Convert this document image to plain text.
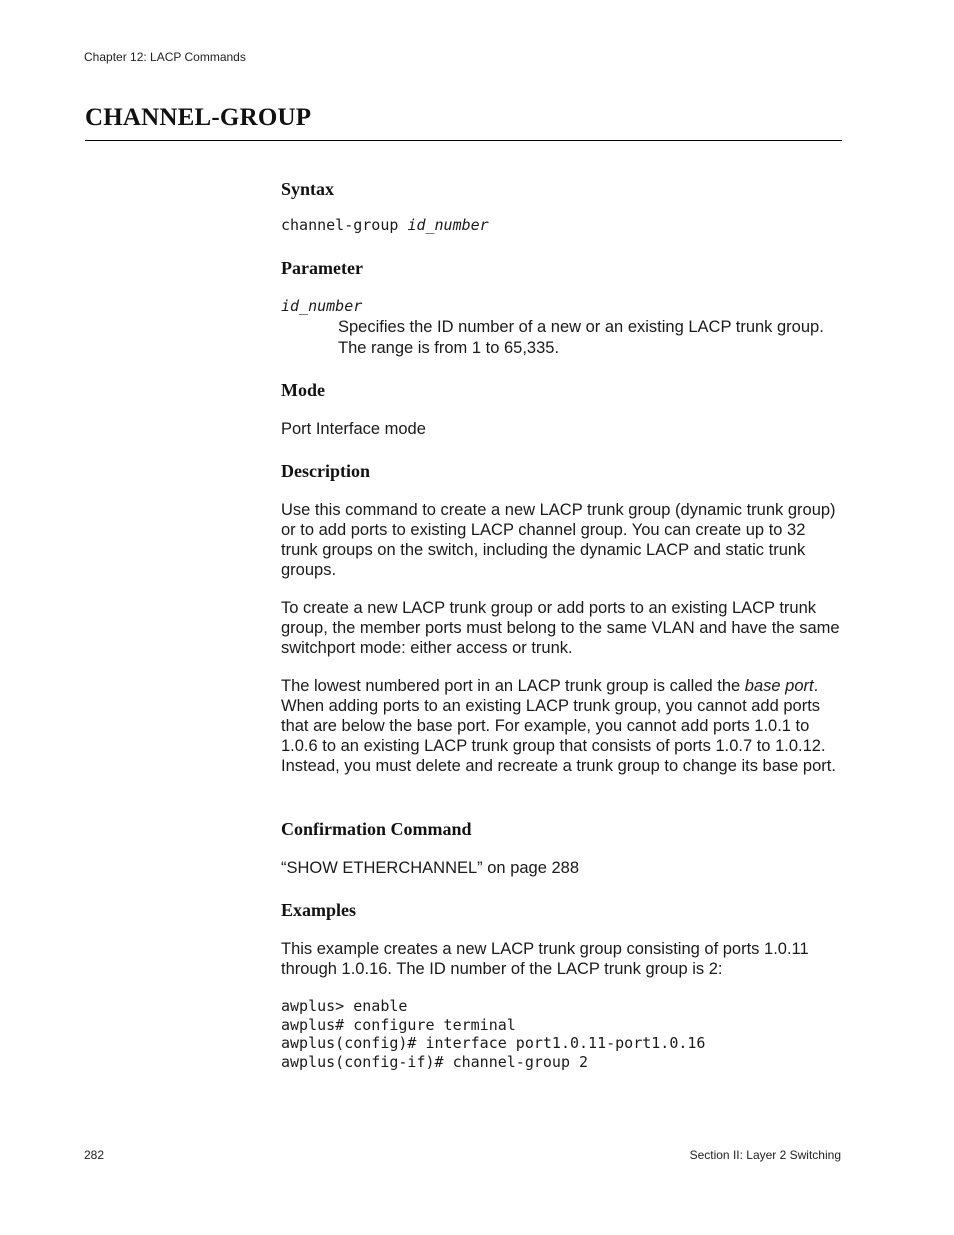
Chapter 12: LACP Commands
CHANNEL-GROUP
Syntax
channel-group id_number
Parameter
id_number

Specifies the ID number of a new or an existing LACP trunk group.
The range is from 1 to 65,335.

Mode

Port Interface mode

Description

Use this command to create a new LACP trunk group (dynamic trunk group) or to add ports to existing LACP channel group. You can create up to 32 trunk groups on the switch, including the dynamic LACP and static trunk groups.

To create a new LACP trunk group or add ports to an existing LACP trunk group, the member ports must belong to the same VLAN and have the same switchport mode: either access or trunk.

The lowest numbered port in an LACP trunk group is called the base port. When adding ports to an existing LACP trunk group, you cannot add ports that are below the base port. For example, you cannot add ports 1.0.1 to 1.0.6 to an existing LACP trunk group that consists of ports 1.0.7 to 1.0.12. Instead, you must delete and recreate a trunk group to change its base port.

Confirmation Command

“SHOW ETHERCHANNEL” on page 288

Examples

This example creates a new LACP trunk group consisting of ports 1.0.11 through 1.0.16. The ID number of the LACP trunk group is 2:

awplus> enable
awplus# configure terminal
awplus(config)# interface port1.0.11-port1.0.16
awplus(config-if)# channel-group 2
282	Section II: Layer 2 Switching
